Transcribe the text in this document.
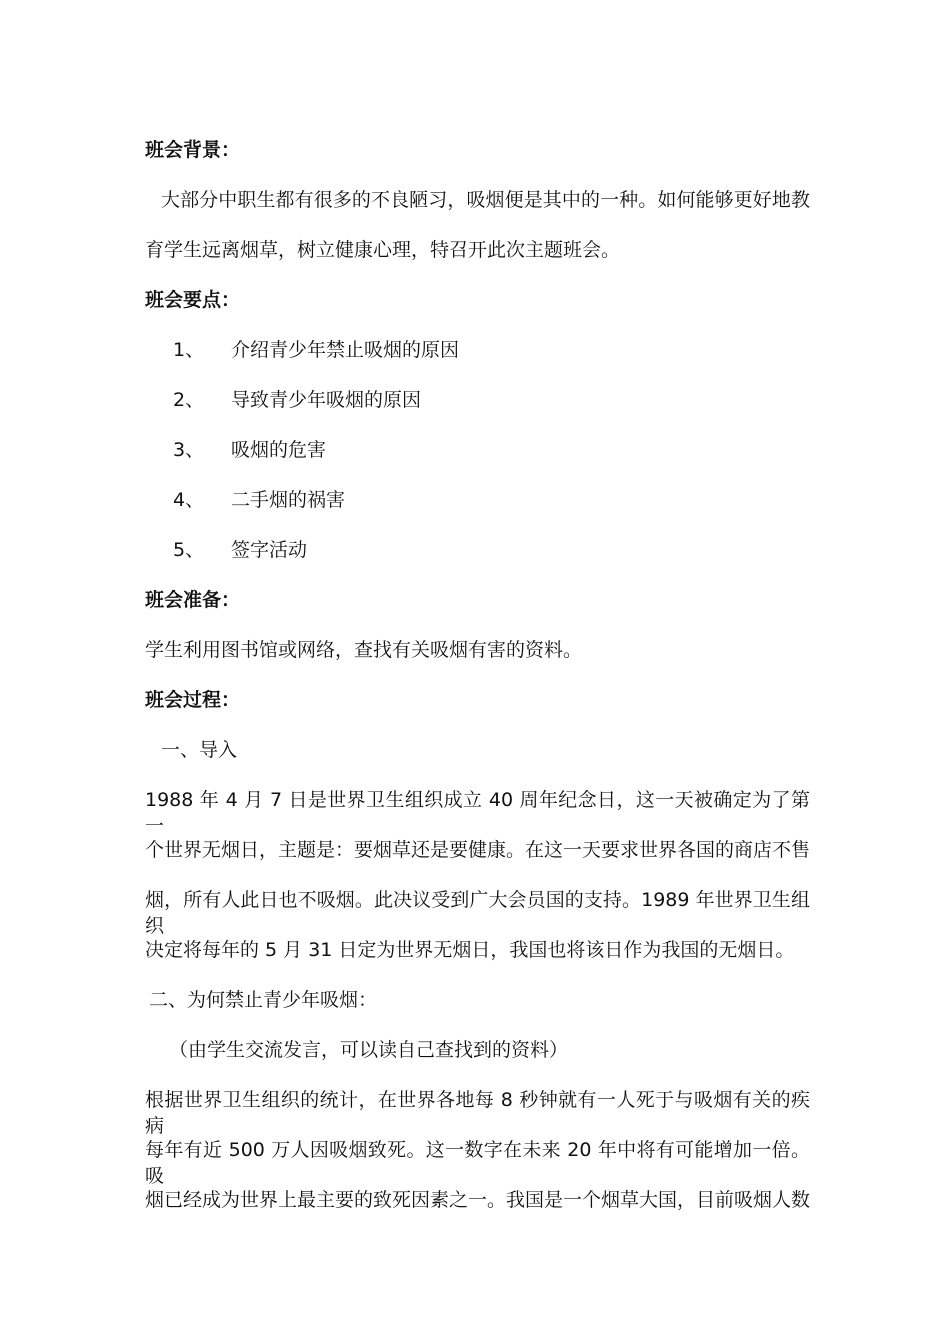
班会背景：
大部分中职生都有很多的不良陋习，吸烟便是其中的一种。如何能够更好地教
育学生远离烟草，树立健康心理，特召开此次主题班会。
班会要点：
1、	介绍青少年禁止吸烟的原因
2、	导致青少年吸烟的原因
3、	吸烟的危害
4、	二手烟的祸害
5、	签字活动
班会准备：
学生利用图书馆或网络，查找有关吸烟有害的资料。
班会过程：
一、导入
1988 年 4 月 7 日是世界卫生组织成立 40 周年纪念日，这一天被确定为了第一
个世界无烟日，主题是：要烟草还是要健康。在这一天要求世界各国的商店不售
烟，所有人此日也不吸烟。此决议受到广大会员国的支持。1989 年世界卫生组织
决定将每年的 5 月 31 日定为世界无烟日，我国也将该日作为我国的无烟日。
二、为何禁止青少年吸烟：
（由学生交流发言，可以读自己查找到的资料）
根据世界卫生组织的统计，在世界各地每 8 秒钟就有一人死于与吸烟有关的疾病
每年有近 500 万人因吸烟致死。这一数字在未来 20 年中将有可能增加一倍。吸
烟已经成为世界上最主要的致死因素之一。我国是一个烟草大国，目前吸烟人数
